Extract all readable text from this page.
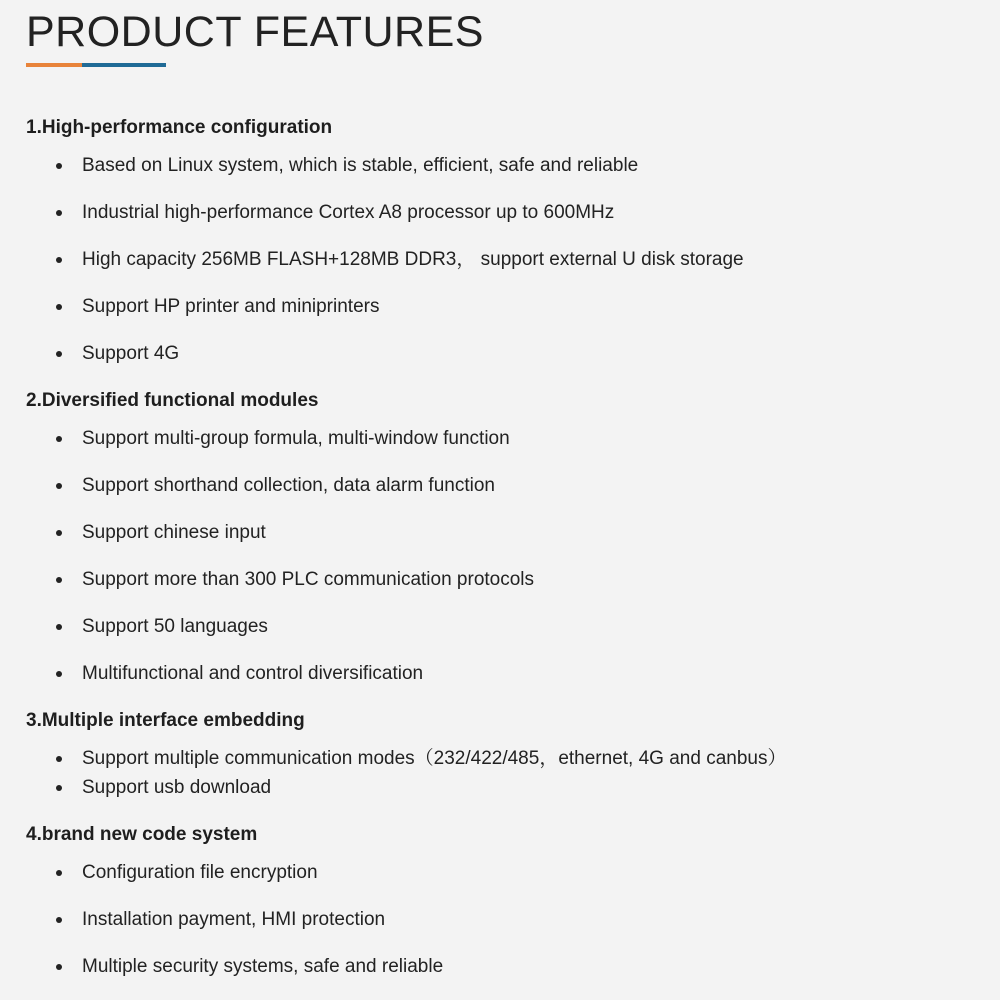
PRODUCT FEATURES
1.High-performance configuration
Based on Linux system, which is stable, efficient, safe and reliable
Industrial high-performance Cortex A8 processor up to 600MHz
High capacity 256MB FLASH+128MB DDR3， support external U disk storage
Support HP printer and miniprinters
Support 4G
2.Diversified functional modules
Support multi-group formula, multi-window function
Support shorthand collection, data alarm function
Support chinese input
Support more than 300 PLC communication protocols
Support 50 languages
Multifunctional and control diversification
3.Multiple interface embedding
Support multiple communication modes（232/422/485，ethernet, 4G and canbus）
Support usb download
4.brand new code system
Configuration file encryption
Installation payment, HMI protection
Multiple security systems, safe and reliable
